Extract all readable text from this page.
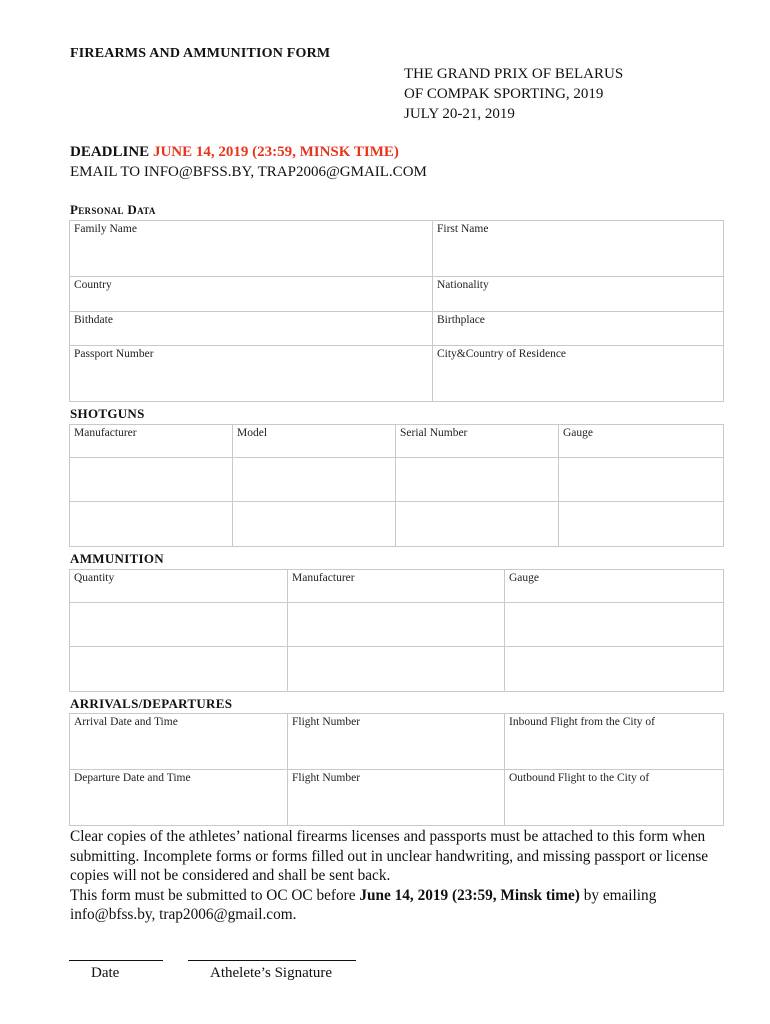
FIREARMS AND AMMUNITION FORM
THE GRAND PRIX OF BELARUS
OF COMPAK SPORTING, 2019
JULY 20-21, 2019
DEADLINE JUNE 14, 2019 (23:59, MINSK TIME)
EMAIL TO INFO@BFSS.BY, TRAP2006@GMAIL.COM
Personal Data
Family Name	First Name
Country	Nationality
Bithdate	Birthplace
Passport Number	City&Country of Residence
SHOTGUNS
Manufacturer	Model	Serial Number	Gauge

AMMUNITION
Quantity	Manufacturer	Gauge

ARRIVALS/DEPARTURES
Arrival Date and Time	Flight Number	Inbound Flight from the City of
Departure Date and Time	Flight Number	Outbound Flight to the City of
Clear copies of the athletes’ national firearms licenses and passports must be attached to this form when submitting. Incomplete forms or forms filled out in unclear handwriting, and missing passport or license copies will not be considered and shall be sent back.
This form must be submitted to OC OC before June 14, 2019 (23:59, Minsk time) by emailing info@bfss.by, trap2006@gmail.com.
Date	Athelete’s Signature
